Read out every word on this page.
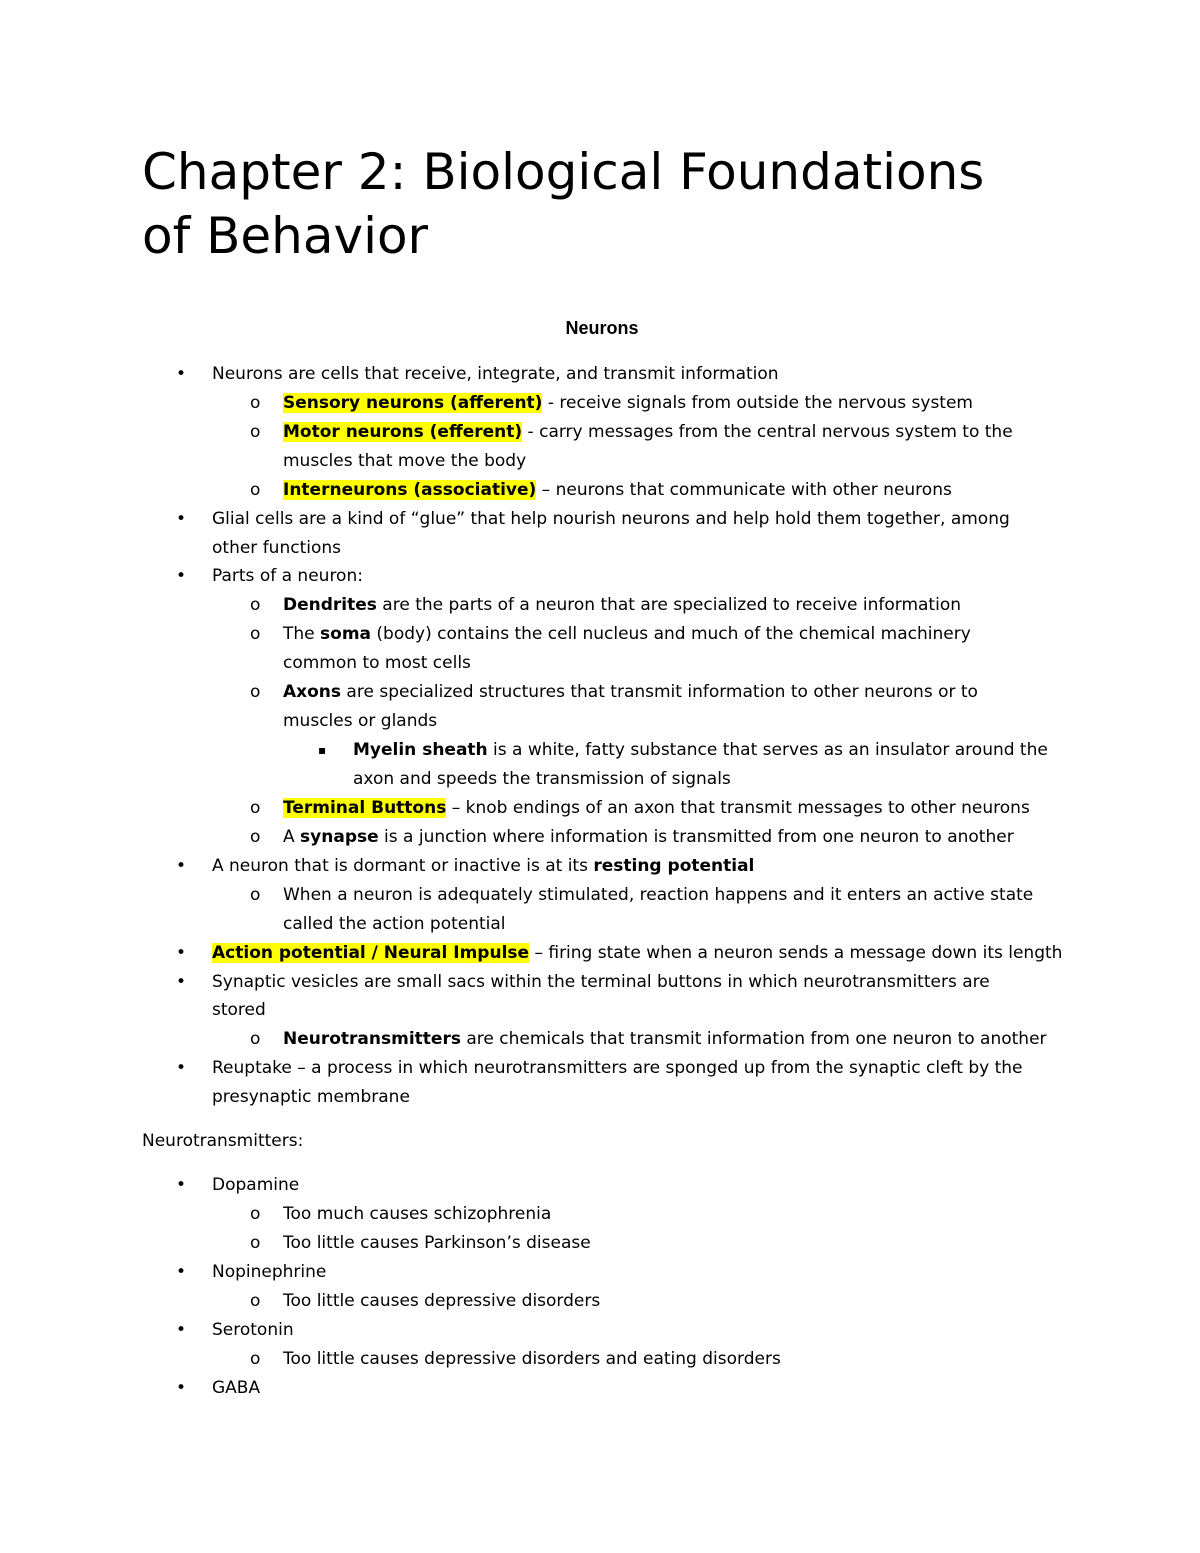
Chapter 2: Biological Foundations
of Behavior
Neurons
• Neurons are cells that receive, integrate, and transmit information
o Sensory neurons (afferent) - receive signals from outside the nervous system
o Motor neurons (efferent) - carry messages from the central nervous system to the
muscles that move the body
o Interneurons (associative) – neurons that communicate with other neurons
• Glial cells are a kind of “glue” that help nourish neurons and help hold them together, among
other functions
• Parts of a neuron:
o Dendrites are the parts of a neuron that are specialized to receive information
o The soma (body) contains the cell nucleus and much of the chemical machinery
common to most cells
o Axons are specialized structures that transmit information to other neurons or to
muscles or glands
▪ Myelin sheath is a white, fatty substance that serves as an insulator around the
axon and speeds the transmission of signals
o Terminal Buttons – knob endings of an axon that transmit messages to other neurons
o A synapse is a junction where information is transmitted from one neuron to another
• A neuron that is dormant or inactive is at its resting potential
o When a neuron is adequately stimulated, reaction happens and it enters an active state
called the action potential
• Action potential / Neural Impulse – firing state when a neuron sends a message down its length
• Synaptic vesicles are small sacs within the terminal buttons in which neurotransmitters are
stored
o Neurotransmitters are chemicals that transmit information from one neuron to another
• Reuptake – a process in which neurotransmitters are sponged up from the synaptic cleft by the
presynaptic membrane
Neurotransmitters:
• Dopamine
o Too much causes schizophrenia
o Too little causes Parkinson’s disease
• Nopinephrine
o Too little causes depressive disorders
• Serotonin
o Too little causes depressive disorders and eating disorders
• GABA
